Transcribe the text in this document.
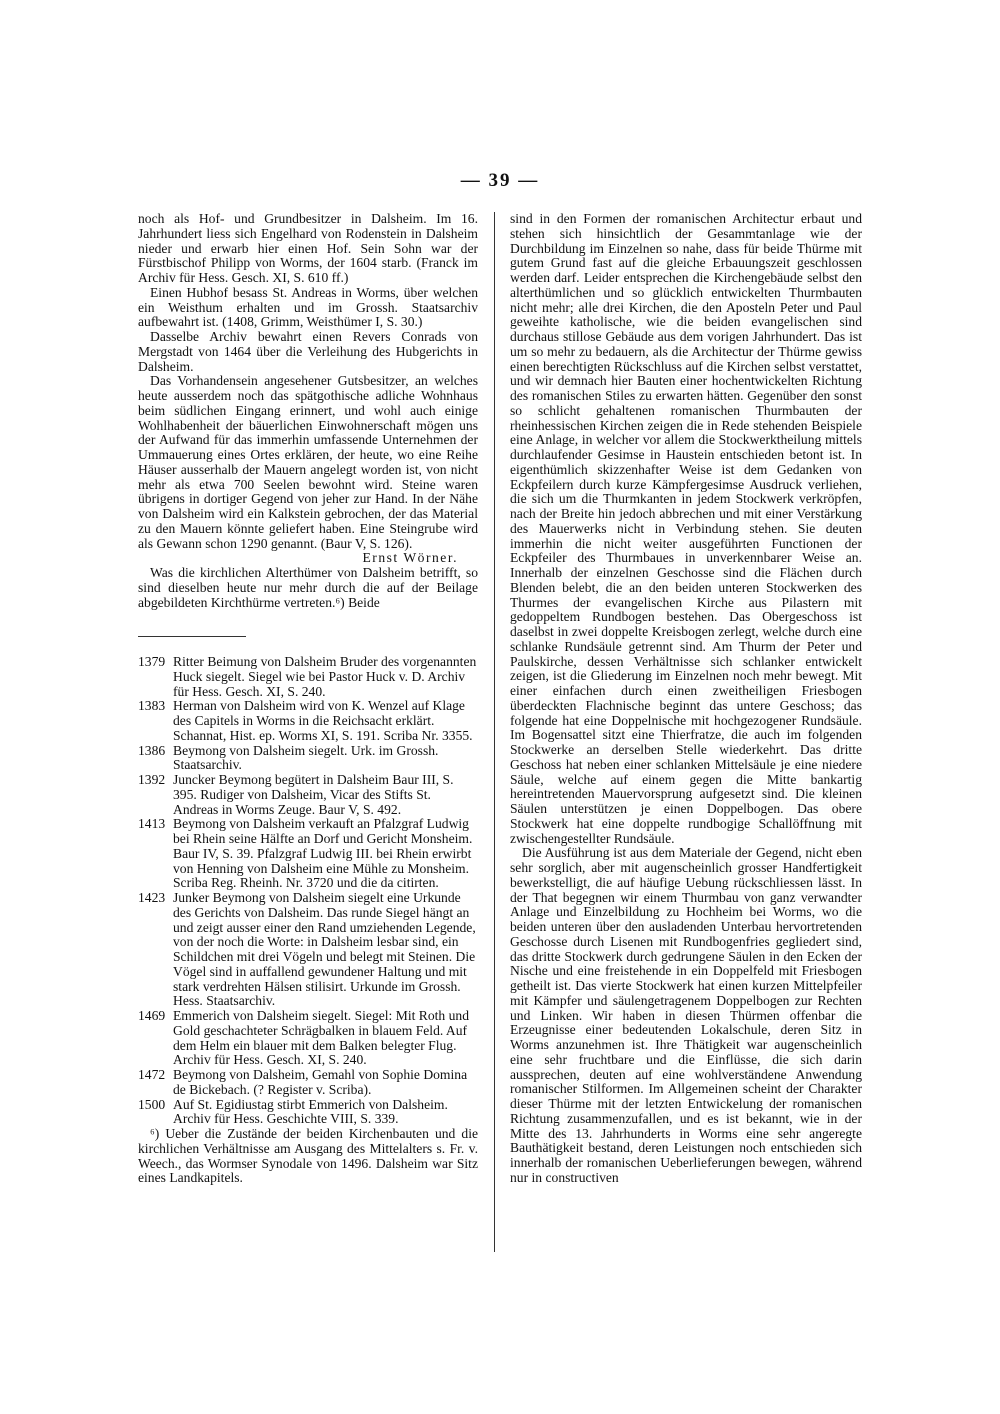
— 39 —
noch als Hof- und Grundbesitzer in Dalsheim. Im 16. Jahrhundert liess sich Engelhard von Rodenstein in Dalsheim nieder und erwarb hier einen Hof. Sein Sohn war der Fürstbischof Philipp von Worms, der 1604 starb. (Franck im Archiv für Hess. Gesch. XI, S. 610 ff.)
Einen Hubhof besass St. Andreas in Worms, über welchen ein Weisthum erhalten und im Grossh. Staatsarchiv aufbewahrt ist. (1408, Grimm, Weisthümer I, S. 30.)
Dasselbe Archiv bewahrt einen Revers Conrads von Mergstadt von 1464 über die Verleihung des Hubgerichts in Dalsheim.
Das Vorhandensein angesehener Gutsbesitzer, an welches heute ausserdem noch das spätgothische adliche Wohnhaus beim südlichen Eingang erinnert, und wohl auch einige Wohlhabenheit der bäuerlichen Einwohnerschaft mögen uns der Aufwand für das immerhin umfassende Unternehmen der Ummauerung eines Ortes erklären, der heute, wo eine Reihe Häuser ausserhalb der Mauern angelegt worden ist, von nicht mehr als etwa 700 Seelen bewohnt wird. Steine waren übrigens in dortiger Gegend von jeher zur Hand. In der Nähe von Dalsheim wird ein Kalkstein gebrochen, der das Material zu den Mauern könnte geliefert haben. Eine Steingrube wird als Gewann schon 1290 genannt. (Baur V, S. 126).
Ernst Wörner.
Was die kirchlichen Alterthümer von Dalsheim betrifft, so sind dieselben heute nur mehr durch die auf der Beilage abgebildeten Kirchthürme vertreten.⁶) Beide
1379 Ritter Beimung von Dalsheim Bruder des vorgenannten Huck siegelt. Siegel wie bei Pastor Huck v. D. Archiv für Hess. Gesch. XI, S. 240.
1383 Herman von Dalsheim wird von K. Wenzel auf Klage des Capitels in Worms in die Reichsacht erklärt. Schannat, Hist. ep. Worms XI, S. 191. Scriba Nr. 3355.
1386 Beymong von Dalsheim siegelt. Urk. im Grossh. Staatsarchiv.
1392 Juncker Beymong begütert in Dalsheim Baur III, S. 395. Rudiger von Dalsheim, Vicar des Stifts St. Andreas in Worms Zeuge. Baur V, S. 492.
1413 Beymong von Dalsheim verkauft an Pfalzgraf Ludwig bei Rhein seine Hälfte an Dorf und Gericht Monsheim. Baur IV, S. 39. Pfalzgraf Ludwig III. bei Rhein erwirbt von Henning von Dalsheim eine Mühle zu Monsheim. Scriba Reg. Rheinh. Nr. 3720 und die da citirten.
1423 Junker Beymong von Dalsheim siegelt eine Urkunde des Gerichts von Dalsheim. Das runde Siegel hängt an und zeigt ausser einer den Rand umziehenden Legende, von der noch die Worte: in Dalsheim lesbar sind, ein Schildchen mit drei Vögeln und belegt mit Steinen. Die Vögel sind in auffallend gewundener Haltung und mit stark verdrehten Hälsen stilisirt. Urkunde im Grossh. Hess. Staatsarchiv.
1469 Emmerich von Dalsheim siegelt. Siegel: Mit Roth und Gold geschachteter Schrägbalken in blauem Feld. Auf dem Helm ein blauer mit dem Balken belegter Flug. Archiv für Hess. Gesch. XI, S. 240.
1472 Beymong von Dalsheim, Gemahl von Sophie Domina de Bickebach. (? Register v. Scriba).
1500 Auf St. Egidiustag stirbt Emmerich von Dalsheim. Archiv für Hess. Geschichte VIII, S. 339.
⁶) Ueber die Zustände der beiden Kirchenbauten und die kirchlichen Verhältnisse am Ausgang des Mittelalters s. Fr. v. Weech., das Wormser Synodale von 1496. Dalsheim war Sitz eines Landkapitels.
sind in den Formen der romanischen Architectur erbaut und stehen sich hinsichtlich der Gesammtanlage wie der Durchbildung im Einzelnen so nahe, dass für beide Thürme mit gutem Grund fast auf die gleiche Erbauungszeit geschlossen werden darf. Leider entsprechen die Kirchengebäude selbst den alterthümlichen und so glücklich entwickelten Thurmbauten nicht mehr; alle drei Kirchen, die den Aposteln Peter und Paul geweihte katholische, wie die beiden evangelischen sind durchaus stillose Gebäude aus dem vorigen Jahrhundert. Das ist um so mehr zu bedauern, als die Architectur der Thürme gewiss einen berechtigten Rückschluss auf die Kirchen selbst verstattet, und wir demnach hier Bauten einer hochentwickelten Richtung des romanischen Stiles zu erwarten hätten. Gegenüber den sonst so schlicht gehaltenen romanischen Thurmbauten der rheinhessischen Kirchen zeigen die in Rede stehenden Beispiele eine Anlage, in welcher vor allem die Stockwerktheilung mittels durchlaufender Gesimse in Haustein entschieden betont ist. In eigenthümlich skizzenhafter Weise ist dem Gedanken von Eckpfeilern durch kurze Kämpfergesimse Ausdruck verliehen, die sich um die Thurmkanten in jedem Stockwerk verkröpfen, nach der Breite hin jedoch abbrechen und mit einer Verstärkung des Mauerwerks nicht in Verbindung stehen. Sie deuten immerhin die nicht weiter ausgeführten Functionen der Eckpfeiler des Thurmbaues in unverkennbarer Weise an. Innerhalb der einzelnen Geschosse sind die Flächen durch Blenden belebt, die an den beiden unteren Stockwerken des Thurmes der evangelischen Kirche aus Pilastern mit gedoppeltem Rundbogen bestehen. Das Obergeschoss ist daselbst in zwei doppelte Kreisbogen zerlegt, welche durch eine schlanke Rundsäule getrennt sind. Am Thurm der Peter und Paulskirche, dessen Verhältnisse sich schlanker entwickelt zeigen, ist die Gliederung im Einzelnen noch mehr bewegt. Mit einer einfachen durch einen zweitheiligen Friesbogen überdeckten Flachnische beginnt das untere Geschoss; das folgende hat eine Doppelnische mit hochgezogener Rundsäule. Im Bogensattel sitzt eine Thierfratze, die auch im folgenden Stockwerke an derselben Stelle wiederkehrt. Das dritte Geschoss hat neben einer schlanken Mittelsäule je eine niedere Säule, welche auf einem gegen die Mitte bankartig hereintretenden Mauervorsprung aufgesetzt sind. Die kleinen Säulen unterstützen je einen Doppelbogen. Das obere Stockwerk hat eine doppelte rundbogige Schallöffnung mit zwischengestellter Rundsäule.
Die Ausführung ist aus dem Materiale der Gegend, nicht eben sehr sorglich, aber mit augenscheinlich grosser Handfertigkeit bewerkstelligt, die auf häufige Uebung rückschliessen lässt. In der That begegnen wir einem Thurmbau von ganz verwandter Anlage und Einzelbildung zu Hochheim bei Worms, wo die beiden unteren über den ausladenden Unterbau hervortretenden Geschosse durch Lisenen mit Rundbogenfries gegliedert sind, das dritte Stockwerk durch gedrungene Säulen in den Ecken der Nische und eine freistehende in ein Doppelfeld mit Friesbogen getheilt ist. Das vierte Stockwerk hat einen kurzen Mittelpfeiler mit Kämpfer und säulengetragenem Doppelbogen zur Rechten und Linken. Wir haben in diesen Thürmen offenbar die Erzeugnisse einer bedeutenden Lokalschule, deren Sitz in Worms anzunehmen ist. Ihre Thätigkeit war augenscheinlich eine sehr fruchtbare und die Einflüsse, die sich darin aussprechen, deuten auf eine wohlverständene Anwendung romanischer Stilformen. Im Allgemeinen scheint der Charakter dieser Thürme mit der letzten Entwickelung der romanischen Richtung zusammenzufallen, und es ist bekannt, wie in der Mitte des 13. Jahrhunderts in Worms eine sehr angeregte Bauthätigkeit bestand, deren Leistungen noch entschieden sich innerhalb der romanischen Ueberlieferungen bewegen, während nur in constructiven
